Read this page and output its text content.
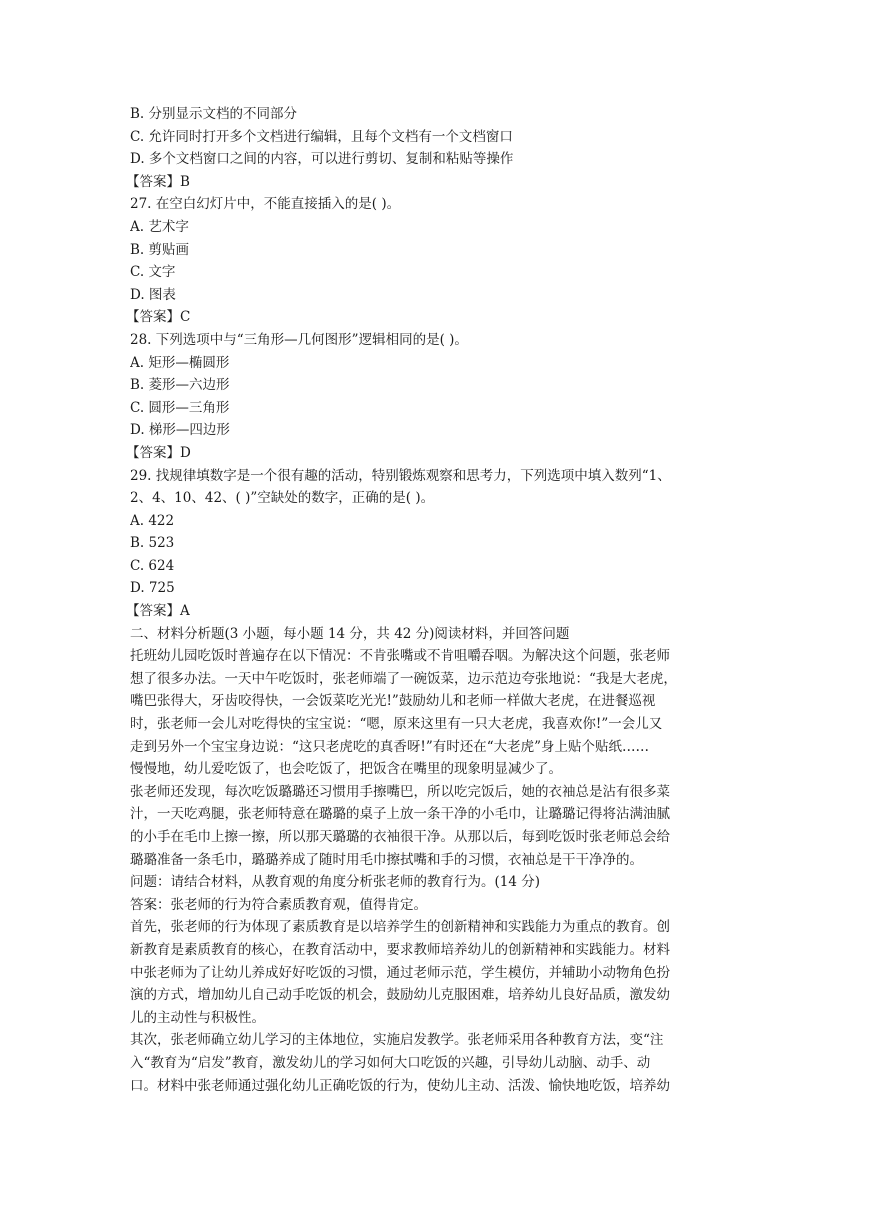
B. 分别显示文档的不同部分
C. 允许同时打开多个文档进行编辑，且每个文档有一个文档窗口
D. 多个文档窗口之间的内容，可以进行剪切、复制和粘贴等操作
【答案】B
27. 在空白幻灯片中，不能直接插入的是( )。
A. 艺术字
B. 剪贴画
C. 文字
D. 图表
【答案】C
28. 下列选项中与“三角形—几何图形”逻辑相同的是( )。
A. 矩形—椭圆形
B. 菱形—六边形
C. 圆形—三角形
D. 梯形—四边形
【答案】D
29. 找规律填数字是一个很有趣的活动，特别锻炼观察和思考力，下列选项中填入数列“1、
2、4、10、42、( )”空缺处的数字，正确的是( )。
A. 422
B. 523
C. 624
D. 725
【答案】A
二、材料分析题(3 小题，每小题 14 分，共 42 分)阅读材料，并回答问题
托班幼儿园吃饭时普遍存在以下情况：不肯张嘴或不肯咀嚼吞咽。为解决这个问题，张老师
想了很多办法。一天中午吃饭时，张老师端了一碗饭菜，边示范边夸张地说：“我是大老虎，
嘴巴张得大，牙齿咬得快，一会饭菜吃光光!”鼓励幼儿和老师一样做大老虎，在进餐巡视
时，张老师一会儿对吃得快的宝宝说：“嗯，原来这里有一只大老虎，我喜欢你!”一会儿又
走到另外一个宝宝身边说：“这只老虎吃的真香呀!”有时还在“大老虎”身上贴个贴纸……
慢慢地，幼儿爱吃饭了，也会吃饭了，把饭含在嘴里的现象明显减少了。
张老师还发现，每次吃饭璐璐还习惯用手擦嘴巴，所以吃完饭后，她的衣袖总是沾有很多菜
汁，一天吃鸡腿，张老师特意在璐璐的桌子上放一条干净的小毛巾，让璐璐记得将沾满油腻
的小手在毛巾上擦一擦，所以那天璐璐的衣袖很干净。从那以后，每到吃饭时张老师总会给
璐璐准备一条毛巾，璐璐养成了随时用毛巾擦拭嘴和手的习惯，衣袖总是干干净净的。
问题：请结合材料，从教育观的角度分析张老师的教育行为。(14 分)
答案：张老师的行为符合素质教育观，值得肯定。
首先，张老师的行为体现了素质教育是以培养学生的创新精神和实践能力为重点的教育。创
新教育是素质教育的核心，在教育活动中，要求教师培养幼儿的创新精神和实践能力。材料
中张老师为了让幼儿养成好好吃饭的习惯，通过老师示范，学生模仿，并辅助小动物角色扮
演的方式，增加幼儿自己动手吃饭的机会，鼓励幼儿克服困难，培养幼儿良好品质，激发幼
儿的主动性与积极性。
其次，张老师确立幼儿学习的主体地位，实施启发教学。张老师采用各种教育方法，变“注
入“教育为“启发”教育，激发幼儿的学习如何大口吃饭的兴趣，引导幼儿动脑、动手、动
口。材料中张老师通过强化幼儿正确吃饭的行为，使幼儿主动、活泼、愉快地吃饭，培养幼
